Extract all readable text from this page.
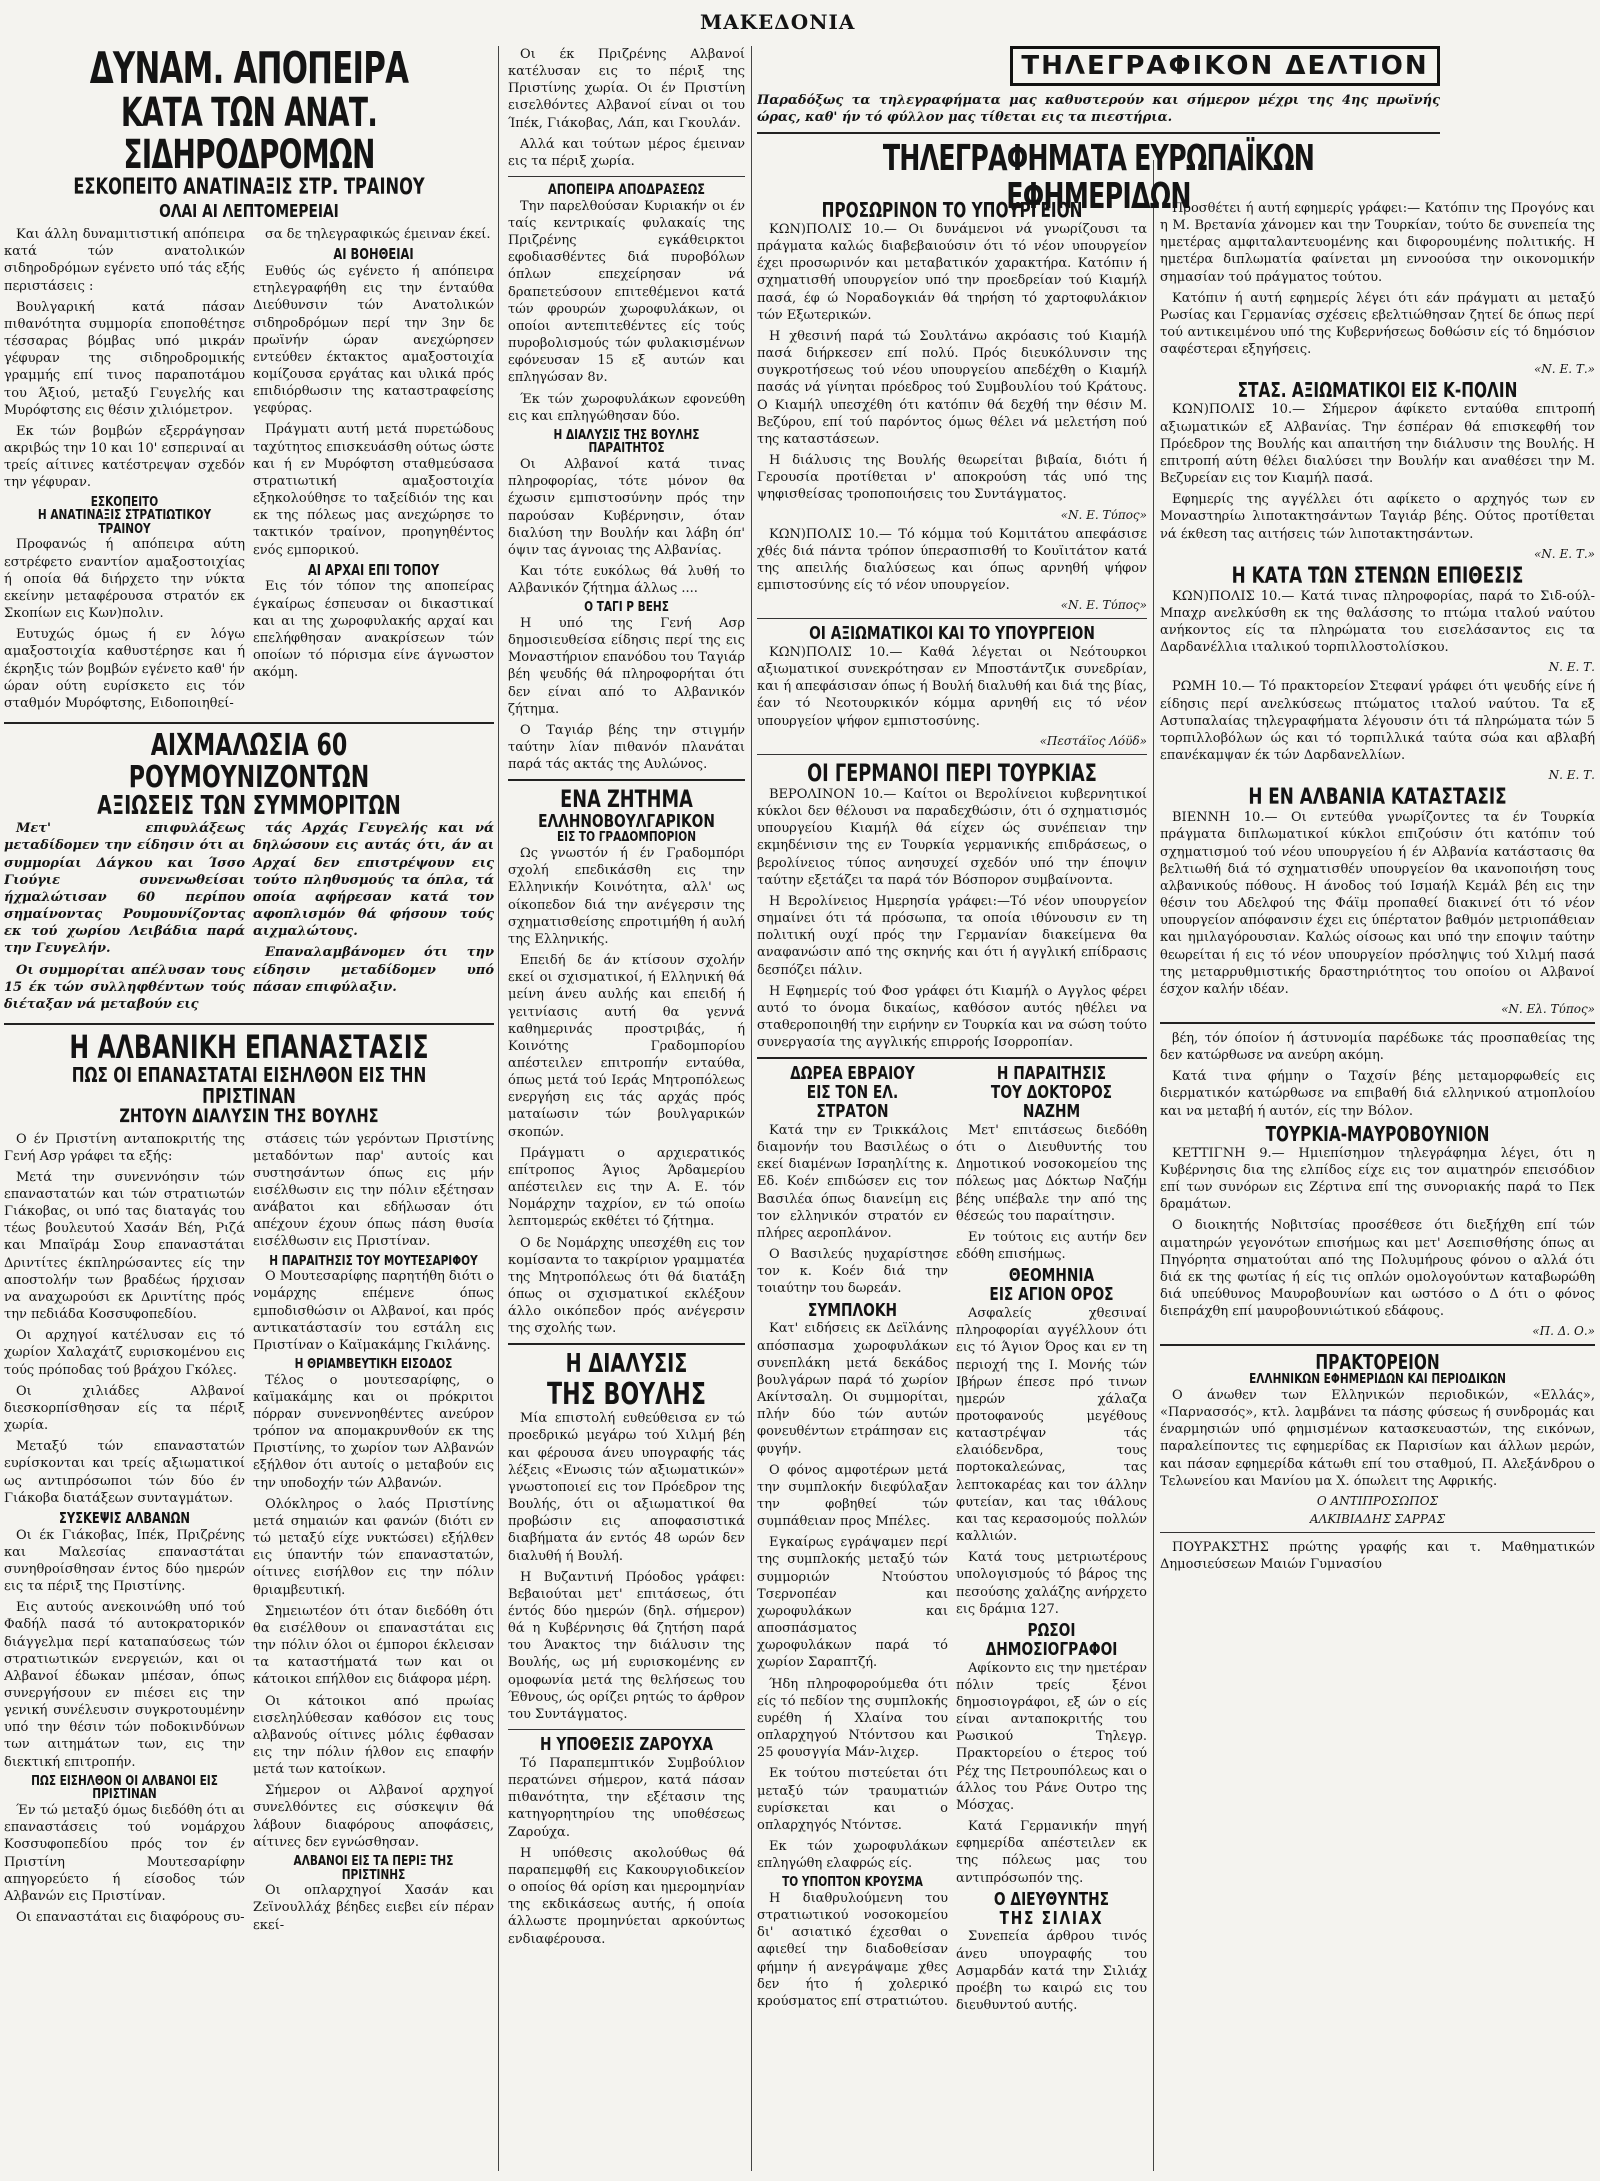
ΜΑΚΕΔΟΝΙΑ
ΔΥΝΑΜ. ΑΠΟΠΕΙΡΑ
ΚΑΤΑ ΤΩΝ ΑΝΑΤ. ΣΙΔΗΡΟΔΡΟΜΩΝ
ΕΣΚΟΠΕΙΤΟ ΑΝΑΤΙΝΑΞΙΣ ΣΤΡ. ΤΡΑΙΝΟΥ
ΟΛΑΙ ΑΙ ΛΕΠΤΟΜΕΡΕΙΑΙ

Και άλλη δυναμιτιστική απόπειρα κατά τών ανατολικών σιδηροδρόμων εγένετο υπό τάς εξής περιστάσεις :

Βουλγαρική κατά πάσαν πιθανότητα συμμορία εποποθέτησε τέσσαρας βόμβας υπό μικράν γέφυραν της σιδηροδρομικής γραμμής επί τινος παραποτάμου του Άξιού, μεταξύ Γευγελής και Μυρόφτσης εις θέσιν χιλιόμετρον.

Εκ τών βομβών εξερράγησαν ακριβώς την 10 και 10' εσπεριναί αι τρείς αίτινες κατέστρεψαν σχεδόν την γέφυραν.

ΕΣΚΟΠΕΙΤΟ
Η ΑΝΑΤΙΝΑΞΙΣ ΣΤΡΑΤΙΩΤΙΚΟΥ ΤΡΑΙΝΟΥ

Προφανώς ή απόπειρα αύτη εστρέφετο εναντίον αμαξοστοιχίας ή οποία θά διήρχετο την νύκτα εκείνην μεταφέρουσα στρατόν εκ Σκοπίων εις Κων)πολιν.

Ευτυχώς όμως ή εν λόγω αμαξοστοιχία καθυστέρησε και ή έκρηξις τών βομβών εγένετο καθ' ήν ώραν ούτη ευρίσκετο εις τόν σταθμόν Μυρόφτσης, Ειδοποιηθεί-

σα δε τηλεγραφικώς έμειναν έκεί.

ΑΙ ΒΟΗΘΕΙΑΙ

Ευθύς ώς εγένετο ή απόπειρα ετηλεγραφήθη εις την ένταύθα Διεύθυνσιν τών Ανατολικών σιδηροδρόμων περί την 3ην δε πρωϊνήν ώραν ανεχώρησεν εντεύθεν έκτακτος αμαξοστοιχία κομίζουσα εργάτας και υλικά πρός επιδιόρθωσιν της καταστραφείσης γεφύρας.

Πράγματι αυτή μετά πυρετώδους ταχύτητος επισκευάσθη ούτως ώστε και ή εν Μυρόφτση σταθμεύσασα στρατιωτική αμαξοστοιχία εξηκολούθησε το ταξείδιόν της και εκ της πόλεως μας ανεχώρησε το τακτικόν τραίνον, προηγηθέντος ενός εμπορικού.

ΑΙ ΑΡΧΑΙ ΕΠΙ ΤΟΠΟΥ

Εις τόν τόπον της αποπείρας έγκαίρως έσπευσαν οι δικαστικαί και αι της χωροφυλακής αρχαί και επελήφθησαν ανακρίσεων τών οποίων τό πόρισμα είνε άγνωστον ακόμη.

ΑΙΧΜΑΛΩΣΙΑ 60 ΡΟΥΜΟΥΝΙΖΟΝΤΩΝ
ΑΞΙΩΣΕΙΣ ΤΩΝ ΣΥΜΜΟΡΙΤΩΝ

Μετ' επιφυλάξεως μεταδίδομεν την είδησιν ότι αι συμμορίαι Δάγκου και Ίσσο Γιούγιε συνενωθείσαι ήχμαλώτισαν 60 περίπου σημαίνοντας Ρουμουνίζοντας εκ τού χωρίου Λειβάδια παρά την Γευγελήν.

Οι συμμορίται απέλυσαν τους 15 έκ τών συλληφθέντων τούς διέταξαν νά μεταβούν εις

τάς Αρχάς Γευγελής και νά δηλώσουν εις αυτάς ότι, άν αι Αρχαί δεν επιστρέψουν εις τούτο πληθυσμούς τα όπλα, τά οποία αφήρεσαν κατά τον αφοπλισμόν θά φήσουν τούς αιχμαλώτους.

Επαναλαμβάνομεν ότι την είδησιν μεταδίδομεν υπό πάσαν επιφύλαξιν.

Η ΑΛΒΑΝΙΚΗ ΕΠΑΝΑΣΤΑΣΙΣ
ΠΩΣ ΟΙ ΕΠΑΝΑΣΤΑΤΑΙ ΕΙΣΗΛΘΟΝ ΕΙΣ ΤΗΝ ΠΡΙΣΤΙΝΑΝ
ΖΗΤΟΥΝ ΔΙΑΛΥΣΙΝ ΤΗΣ ΒΟΥΛΗΣ

Ο έν Πριστίνη ανταποκριτής της Γενή Ασρ γράφει τα εξής:

Μετά την συνεννόησιν τών επαναστατών και τών στρατιωτών Γιάκοβας, οι υπό τας διαταγάς του τέως βουλευτού Χασάν Βέη, Ριζά και Μπαϊράμ Σουρ επαναστάται Δριντίτες έκπληρώσαντες είς την αποστολήν των βραδέως ήρχισαν να αναχωρούσι εκ Δριντίτης πρός την πεδιάδα Κοσσυφοπεδίου.

Οι αρχηγοί κατέλυσαν εις τό χωρίον Χαλαχάτζ ευρισκομένου εις τούς πρόποδας τού βράχου Γκόλες.

Οι χιλιάδες Αλβανοί διεσκορπίσθησαν είς τα πέριξ χωρία.

Μεταξύ τών επαναστατών ευρίσκονται και τρείς αξιωματικοί ως αντιπρόσωποι τών δύο έν Γιάκοβα διατάξεων συνταγμάτων.

ΣΥΣΚΕΨΙΣ ΑΛΒΑΝΩΝ

Οι έκ Γιάκοβας, Ιπέκ, Πριζρένης και Μαλεσίας επαναστάται συνηθροίσθησαν έντος δύο ημερών εις τα πέριξ της Πριστίνης.

Εις αυτούς ανεκοινώθη υπό τού Φαδήλ πασά τό αυτοκρατορικόν διάγγελμα περί καταπαύσεως τών στρατιωτικών ενεργειών, και οι Αλβανοί έδωκαν μπέσαν, όπως συνεργήσουν εν πιέσει εις την γενική συνέλευσιν συγκροτουμένην υπό την θέσιν τών ποδοκινδύνων των αιτημάτων των, εις την διεκτική επιτροπήν.

ΠΩΣ ΕΙΣΗΛΘΟΝ ΟΙ ΑΛΒΑΝΟΙ ΕΙΣ ΠΡΙΣΤΙΝΑΝ

Έν τώ μεταξύ όμως διεδόθη ότι αι επαναστάσεις τού νομάρχου Κοσσυφοπεδίου πρός τον έν Πριστίνη Μουτεσαρίφην απηγορεύετο ή είσοδος τών Αλβανών εις Πριστίναν.

Οι επαναστάται εις διαφόρους συ-

στάσεις τών γερόντων Πριστίνης μεταδόντων παρ' αυτοίς και συστησάντων όπως εις μήν εισέλθωσιν εις την πόλιν εξέτησαν ανάβατοι και εδήλωσαν ότι απέχουν έχουν όπως πάση θυσία εισέλθωσιν εις Πριστίναν.

Η ΠΑΡΑΙΤΗΣΙΣ ΤΟΥ ΜΟΥΤΕΣΑΡΙΦΟΥ

Ο Μουτεσαρίφης παρητήθη διότι ο νομάρχης επέμενε όπως εμποδισθώσιν οι Αλβανοί, και πρός αντικατάστασίν του εστάλη εις Πριστίναν ο Καϊμακάμης Γκιλάνης.

Η ΘΡΙΑΜΒΕΥΤΙΚΗ ΕΙΣΟΔΟΣ

Τέλος ο μουτεσαρίφης, ο καϊμακάμης και οι πρόκριτοι πόρραν συνεννοηθέντες ανεύρον τρόπον να απομακρυνθούν εκ της Πριστίνης, το χωρίον των Αλβανών εξήλθον ότι αυτοίς ο μεταβούν εις την υποδοχήν τών Αλβανών.

Ολόκληρος ο λαός Πριστίνης μετά σημαιών και φανών (διότι εν τώ μεταξύ είχε νυκτώσει) εξήλθεν εις ύπαντήν τών επαναστατών, οίτινες εισήλθον εις την πόλιν θριαμβευτική.

Σημειωτέον ότι όταν διεδόθη ότι θα εισέλθουν οι επαναστάται εις την πόλιν όλοι οι έμποροι έκλεισαν τα καταστήματά των και οι κάτοικοι επήλθον εις διάφορα μέρη.

Οι κάτοικοι από πρωίας εισεληλύθεσαν καθόσον εις τους αλβανούς οίτινες μόλις έφθασαν εις την πόλιν ήλθον εις επαφήν μετά των κατοίκων.

Σήμερον οι Αλβανοί αρχηγοί συνελθόντες εις σύσκεψιν θά λάβουν διαφόρους αποφάσεις, αίτινες δεν εγνώσθησαν.

ΑΛΒΑΝΟΙ ΕΙΣ ΤΑ ΠΕΡΙΞ ΤΗΣ ΠΡΙΣΤΙΝΗΣ

Οι οπλαρχηγοί Χασάν και Ζεϊνουλλάχ βέηδες ειεβει είν πέραν εκεί-

Οι έκ Πριζρένης Αλβανοί κατέλυσαν εις το πέριξ της Πριστίνης χωρία. Οι έν Πριστίνη εισελθόντες Αλβανοί είναι οι του Ίπέκ, Γιάκοβας, Λάπ, και Γκουλάν.

Αλλά και τούτων μέρος έμειναν εις τα πέριξ χωρία.

ΑΠΟΠΕΙΡΑ ΑΠΟΔΡΑΣΕΩΣ

Την παρελθούσαν Κυριακήν οι έν ταίς κεντρικαίς φυλακαίς της Πριζρένης εγκάθειρκτοι εφοδιασθέντες διά πυροβόλων όπλων επεχείρησαν νά δραπετεύσουν επιτεθέμενοι κατά τών φρουρών χωροφυλάκων, οι οποίοι αντεπιτεθέντες είς τούς πυροβολισμούς τών φυλακισμένων εφόνευσαν 15 εξ αυτών και επληγώσαν 8ν.

Έκ τών χωροφυλάκων εφονεύθη εις και επληγώθησαν δύο.

Η ΔΙΑΛΥΣΙΣ ΤΗΣ ΒΟΥΛΗΣ ΠΑΡΑΙΤΗΤΟΣ

Οι Αλβανοί κατά τινας πληροφορίας, τότε μόνον θα έχωσιν εμπιστοσύνην πρός την παρούσαν Κυβέρνησιν, όταν διαλύση την Βουλήν και λάβη όπ' όψιν τας άγνοιας της Αλβανίας.

Και τότε ευκόλως θά λυθή το Αλβανικόν ζήτημα άλλως ....

Ο ΤΑΓΙ Ρ ΒΕΗΣ

Η υπό της Γενή Ασρ δημοσιευθείσα είδησις περί της εις Μοναστήριον επανόδου του Ταγιάρ βέη ψευδής θά πληροφορήται ότι δεν είναι από το Αλβανικόν ζήτημα.

Ο Ταγιάρ βέης την στιγμήν ταύτην λίαν πιθανόν πλανάται παρά τάς ακτάς της Αυλώνος.

ΕΝΑ ΖΗΤΗΜΑ
ΕΛΛΗΝΟΒΟΥΛΓΑΡΙΚΟΝ
ΕΙΣ ΤΟ ΓΡΑΔΟΜΠΟΡΙΟΝ

Ως γνωστόν ή έν Γραδομπόρι σχολή επεδικάσθη εις την Ελληνικήν Κοινότητα, αλλ' ως οίκοπεδον διά την ανέγερσιν της σχηματισθείσης επροτιμήθη ή αυλή της Ελληνικής.

Επειδή δε άν κτίσουν σχολήν εκεί οι σχισματικοί, ή Ελληνική θά μείνη άνευ αυλής και επειδή ή γειτνίασις αυτή θα γεννά καθημερινάς προστριβάς, ή Κοινότης Γραδομπορίου απέστειλεν επιτροπήν ενταύθα, όπως μετά τού Ιεράς Μητροπόλεως ενεργήση εις τάς αρχάς πρός ματαίωσιν τών βουλγαρικών σκοπών.

Πράγματι ο αρχιερατικός επίτροπος Άγιος Άρδαμερίου απέστειλεν εις την Α. Ε. τόν Νομάρχην ταχρίον, εν τώ οποίω λεπτομερώς εκθέτει τό ζήτημα.

Ο δε Νομάρχης υπεσχέθη εις τον κομίσαντα το τακρίριον γραμματέα της Μητροπόλεως ότι θά διατάξη όπως οι σχισματικοί εκλέξουν άλλο οικόπεδον πρός ανέγερσιν της σχολής των.

Η ΔΙΑΛΥΣΙΣ
ΤΗΣ ΒΟΥΛΗΣ

Μία επιστολή ευθεύθεισα εν τώ προεδρικώ μεγάρω τού Χιλμή βέη και φέρουσα άνευ υπογραφής τάς λέξεις «Ενωσις τών αξιωματικών» γνωστοποιεί εις τον Πρόεδρον της Βουλής, ότι οι αξιωματικοί θα προβώσιν εις αποφασιστικά διαβήματα άν εντός 48 ωρών δεν διαλυθή ή Βουλή.

Η Βυζαντινή Πρόοδος γράφει: Βεβαιούται μετ' επιτάσεως, ότι έντός δύο ημερών (δηλ. σήμερον) θά η Κυβέρνησις θά ζητήση παρά του Άνακτος την διάλυσιν της Βουλής, ως μή ευρισκομένης εν ομοφωνία μετά της θελήσεως του Έθνους, ώς ορίζει ρητώς το άρθρον του Συντάγματος.

Η ΥΠΟΘΕΣΙΣ ΖΑΡΟΥΧΑ

Τό Παραπεμπτικόν Συμβούλιον περατώνει σήμερον, κατά πάσαν πιθανότητα, την εξέτασιν της κατηγορητηρίου της υποθέσεως Ζαρούχα.

Η υπόθεσις ακολούθως θά παραπεμφθή εις Κακουργιοδικείον ο οποίος θά ορίση και ημερομηνίαν της εκδικάσεως αυτής, ή οποία άλλωστε προμηνύεται αρκούντως ενδιαφέρουσα.

ΤΗΛΕΓΡΑΦΙΚΟΝ ΔΕΛΤΙΟΝ

Παραδόξως τα τηλεγραφήματα μας καθυστερούν και σήμερον μέχρι της 4ης πρωϊνής ώρας, καθ' ήν τό φύλλον μας τίθεται εις τα πιεστήρια.

ΤΗΛΕΓΡΑΦΗΜΑΤΑ ΕΥΡΩΠΑΪΚΩΝ ΕΦΗΜΕΡΙΔΩΝ
ΠΡΟΣΩΡΙΝΟΝ ΤΟ ΥΠΟΥΡΓΕΙΟΝ

ΚΩΝ)ΠΟΛΙΣ 10.— Οι δυνάμενοι νά γνωρίζουσι τα πράγματα καλώς διαβεβαιούσιν ότι τό νέον υπουργείον έχει προσωρινόν και μεταβατικόν χαρακτήρα. Κατόπιν ή σχηματισθή υπουργείον υπό την προεδρείαν τού Κιαμήλ πασά, έφ ώ Νοραδογκιάν θά τηρήση τό χαρτοφυλάκιον τών Εξωτερικών.

Η χθεσινή παρά τώ Σουλτάνω ακρόασις τού Κιαμήλ πασά διήρκεσεν επί πολύ. Πρός διευκόλυνσιν της συγκροτήσεως τού νέου υπουργείου απεδέχθη ο Κιαμήλ πασάς νά γίνηται πρόεδρος τού Συμβουλίου τού Κράτους. Ο Κιαμήλ υπεσχέθη ότι κατόπιν θά δεχθή την θέσιν Μ. Βεζύρου, επί τού παρόντος όμως θέλει νά μελετήση πού της καταστάσεων.

Η διάλυσις της Βουλής θεωρείται βιβαία, διότι ή Γερουσία προτίθεται ν' αποκρούση τάς υπό της ψηφισθείσας τροποποιήσεις του Συντάγματος.

«Ν. Ε. Τύπος»

ΚΩΝ)ΠΟΛΙΣ 10.— Τό κόμμα τού Κομιτάτου απεφάσισε χθές διά πάντα τρόπον ύπερασπισθή το Κουϊιτάτον κατά της απειλής διαλύσεως και όπως αρνηθή ψήφον εμπιστοσύνης είς τό νέον υπουργείον.

«Ν. Ε. Τύπος»
ΟΙ ΑΞΙΩΜΑΤΙΚΟΙ ΚΑΙ ΤΟ ΥΠΟΥΡΓΕΙΟΝ

ΚΩΝ)ΠΟΛΙΣ 10.— Καθά λέγεται οι Νεότουρκοι αξιωματικοί συνεκρότησαν εν Μποστάντζικ συνεδρίαν, και ή απεφάσισαν όπως ή Βουλή διαλυθή και διά της βίας, έαν τό Νεοτουρκικόν κόμμα αρνηθή εις τό νέον υπουργείον ψήφον εμπιστοσύνης.

«Πεστάϊος Λόϋδ»
ΟΙ ΓΕΡΜΑΝΟΙ ΠΕΡΙ ΤΟΥΡΚΙΑΣ

ΒΕΡΟΛΙΝΟΝ 10.— Καίτοι οι Βερολίνειοι κυβερνητικοί κύκλοι δεν θέλουσι να παραδεχθώσιν, ότι ό σχηματισμός υπουργείου Κιαμήλ θά είχεν ώς συνέπειαν την εκμηδένισιν της εν Τουρκία γερμανικής επιδράσεως, ο βερολίνειος τύπος ανησυχεί σχεδόν υπό την έποψιν ταύτην εξετάζει τα παρά τόν Βόσπορον συμβαίνοντα.

Η Βερολίνειος Ημερησία γράφει:—Τό νέον υπουργείον σημαίνει ότι τά πρόσωπα, τα οποία ιθύνουσιν εν τη πολιτική ουχί πρός την Γερμανίαν διακείμενα θα αναφανώσιν από της σκηνής και ότι ή αγγλική επίδρασις δεσπόζει πάλιν.

Η Εφημερίς τού Φοσ γράφει ότι Κιαμήλ ο Αγγλος φέρει αυτό το όνομα δικαίως, καθόσον αυτός ηθέλει να σταθεροποιηθή την ειρήνην εν Τουρκία και να σώση τούτο συνεργασία της αγγλικής επιρροής Ισορροπίαν.

ΔΩΡΕΑ ΕΒΡΑΙΟΥ
ΕΙΣ ΤΟΝ ΕΛ. ΣΤΡΑΤΟΝ

Κατά την εν Τρικκάλοις διαμονήν του Βασιλέως ο εκεί διαμένων Ισραηλίτης κ. Εδ. Κοέν επιδώσεν εις τον Βασιλέα όπως διανείμη εις τον ελληνικόν στρατόν εν πλήρες αεροπλάνον.

Ο Βασιλεύς ηυχαρίστησε τον κ. Κοέν διά την τοιαύτην του δωρεάν.

ΣΥΜΠΛΟΚΗ

Κατ' ειδήσεις εκ Δεϊλάνης απόσπασμα χωροφυλάκων συνεπλάκη μετά δεκάδος βουλγάρων παρά τό χωρίον Ακίντσαλη. Οι συμμορίται, πλήν δύο τών αυτών φονευθέντων ετράπησαν εις φυγήν.

Ο φόνος αμφοτέρων μετά την συμπλοκήν διεφύλαξαν την φοβηθεί τών συμπάθειαν προς Μπέλες.

Εγκαίρως εγράψαμεν περί της συμπλοκής μεταξύ τών συμμοριών Ντούστου Τσερνοπέαν και χωροφυλάκων και αποσπάσματος χωροφυλάκων παρά τό χωρίον Σαραπτζή.

Ήδη πληροφορούμεθα ότι είς τό πεδίον της συμπλοκής ευρέθη ή Χλαίνα του οπλαρχηγού Ντόντσου και 25 φουσγγία Μάν-λιχερ.

Εκ τούτου πιστεύεται ότι μεταξύ τών τραυματιών ευρίσκεται και ο οπλαρχηγός Ντόντσε.

Εκ τών χωροφυλάκων επληγώθη ελαφρώς είς.

ΤΟ ΥΠΟΠΤΟΝ ΚΡΟΥΣΜΑ

Η διαθρυλούμενη του στρατιωτικού νοσοκομείου δι' ασιατικό έχεσθαι ο αφιεθεί την διαδοθείσαν φήμην ή ανεγράψαμε χθες δεν ήτο ή χολερικό κρούσματος επί στρατιώτου.

Η ΠΑΡΑΙΤΗΣΙΣ
ΤΟΥ ΔΟΚΤΟΡΟΣ ΝΑΖΗΜ

Μετ' επιτάσεως διεδόθη ότι ο Διευθυντής του Δημοτικού νοσοκομείου της πόλεως μας Δόκτωρ Ναζήμ βέης υπέβαλε την από της θέσεώς του παραίτησιν.

Εν τούτοις εις αυτήν δεν εδόθη επισήμως.

ΘΕΟΜΗΝΙΑ
ΕΙΣ ΑΓΙΟΝ ΟΡΟΣ

Ασφαλείς χθεσιναί πληροφορίαι αγγέλλουν ότι εις τό Άγιον Όρος και εν τη περιοχή της Ι. Μονής τών Ιβήρων έπεσε πρό τινων ημερών χάλαζα προτοφανούς μεγέθους καταστρέψαν τάς ελαιόδενδρα, τους πορτοκαλεώνας, τας λεπτοκαρέας και τον άλλην φυτείαν, και τας ιθάλους και τας κερασομούς πολλών καλλιών.

Κατά τους μετριωτέρους υπολογισμούς τό βάρος της πεσούσης χαλάζης ανήρχετο εις δράμια 127.

ΡΩΣΟΙ ΔΗΜΟΣΙΟΓΡΑΦΟΙ

Αφίκοντο εις την ημετέραν πόλιν τρείς ξένοι δημοσιογράφοι, εξ ών ο είς είναι ανταποκριτής του Ρωσικού Τηλεγρ. Πρακτορείου ο έτερος τού Ρέχ της Πετρουπόλεως και ο άλλος του Ράνε Ουτρο της Μόσχας.

Κατά Γερμανικήν πηγή εφημερίδα απέστειλεν εκ της πόλεως μας του αντιπρόσωπόν της.

Ο ΔΙΕΥΘΥΝΤΗΣ
ΤΗΣ ΣΙΛΙΑΧ

Συνεπεία άρθρου τινός άνευ υπογραφής του Ασμαρδάν κατά την Σιλιάχ προέβη τω καιρώ εις του διευθυντού αυτής.

Προσθέτει ή αυτή εφημερίς γράφει:— Κατόπιν της Προγόνς και η Μ. Βρετανία χάνομεν και την Τουρκίαν, τούτο δε συνεπεία της ημετέρας αμφιταλαντευομένης και διφορουμένης πολιτικής. Η ημετέρα διπλωματία φαίνεται μη εννοούσα την οικονομικήν σημασίαν τού πράγματος τούτου.

Κατόπιν ή αυτή εφημερίς λέγει ότι εάν πράγματι αι μεταξύ Ρωσίας και Γερμανίας σχέσεις εβελτιώθησαν ζητεί δε όπως περί τού αντικειμένου υπό της Κυβερνήσεως δοθώσιν είς τό δημόσιον σαφέστεραι εξηγήσεις.

«Ν. Ε. Τ.»
ΣΤΑΣ. ΑΞΙΩΜΑΤΙΚΟΙ ΕΙΣ Κ-ΠΟΛΙΝ

ΚΩΝ)ΠΟΛΙΣ 10.— Σήμερον άφίκετο ενταύθα επιτροπή αξιωματικών εξ Αλβανίας. Την έσπέραν θά επισκεφθή τον Πρόεδρον της Βουλής και απαιτήση την διάλυσιν της Βουλής. Η επιτροπή αύτη θέλει διαλύσει την Βουλήν και αναθέσει την Μ. Βεζυρείαν εις τον Κιαμήλ πασά.

Εφημερίς της αγγέλλει ότι αφίκετο ο αρχηγός των εν Μοναστηρίω λιποτακτησάντων Ταγιάρ βέης. Ούτος προτίθεται νά έκθεση τας αιτήσεις τών λιποτακτησάντων.

«Ν. Ε. Τ.»
Η ΚΑΤΑ ΤΩΝ ΣΤΕΝΩΝ ΕΠΙΘΕΣΙΣ

ΚΩΝ)ΠΟΛΙΣ 10.— Κατά τινας πληροφορίας, παρά το Σιδ-ούλ-Μπαχρ ανελκύσθη εκ της θαλάσσης το πτώμα ιταλού ναύτου ανήκοντος είς τα πληρώματα του εισελάσαντος εις τα Δαρδανέλλια ιταλικού τορπιλλοστολίσκου.

Ν. Ε. Τ.

ΡΩΜΗ 10.— Τό πρακτορείον Στεφανί γράφει ότι ψευδής είνε ή είδησις περί ανελκύσεως πτώματος ιταλού ναύτου. Τα εξ Αστυπαλαίας τηλεγραφήματα λέγουσιν ότι τά πληρώματα τών 5 τορπιλλοβόλων ώς και τό τορπιλλικά ταύτα σώα και αβλαβή επανέκαμψαν έκ τών Δαρδανελλίων.

Ν. Ε. Τ.
Η ΕΝ ΑΛΒΑΝΙΑ ΚΑΤΑΣΤΑΣΙΣ

ΒΙΕΝΝΗ 10.— Οι εντεύθα γνωρίζοντες τα έν Τουρκία πράγματα διπλωματικοί κύκλοι επιζούσιν ότι κατόπιν τού σχηματισμού τού νέου υπουργείου ή έν Αλβανία κατάστασις θα βελτιωθή διά τό σχηματισθέν υπουργείον θα ικανοποιήση τους αλβανικούς πόθους. Η άνοδος τού Ισμαήλ Κεμάλ βέη εις την θέσιν του Αδελφού της Φάϊμ προπαθεί διακινεί ότι τό νέον υπουργείον απόφανσιν έχει εις ύπέρτατον βαθμόν μετριοπάθειαν και ημιλαγόρουσιαν. Καλώς οίσοως και υπό την εποψιν ταύτην θεωρείται ή εις τό νέον υπουργείον πρόσληψις τού Χιλμή πασά της μεταρρυθμιστικής δραστηριότητος του οποίου οι Αλβανοί έσχον καλήν ιδέαν.

«Ν. Ελ. Τύπος»

βέη, τόν όποίον ή άστυνομία παρέδωκε τάς προσπαθείας της δεν κατώρθωσε να ανεύρη ακόμη.

Κατά τινα φήμην ο Ταχσίν βέης μεταμορφωθείς εις διερματικόν κατώρθωσε να επιβαθή διά ελληνικού ατμοπλοίου και να μεταβή ή αυτόν, είς την Βόλον.

ΤΟΥΡΚΙΑ-ΜΑΥΡΟΒΟΥΝΙΟΝ

ΚΕΤΤΙΓΝΗ 9.— Ημιεπίσημον τηλεγράφημα λέγει, ότι η Κυβέρνησις δια της ελπίδος είχε εις τον αιματηρόν επεισόδιον επί των συνόρων εις Ζέρτινα επί της συνοριακής παρά το Πεκ δραμάτων.

Ο διοικητής Νοβιτσίας προσέθεσε ότι διεξήχθη επί τών αιματηρών γεγονότων επισήμως και μετ' Ασεπισθήσης όπως αι Πηγόρητα σηματούται από της Πολυμήρους φόνου ο αλλά ότι διά εκ της φωτίας ή είς τις οπλών ομολογούντων καταβωρώθη διά υπεύθυνος Μαυροβουνίων και ωστόσο ο Δ ότι ο φόνος διεπράχθη επί μαυροβουνιώτικού εδάφους.

«Π. Δ. Ο.»
ΠΡΑΚΤΟΡΕΙΟΝ
ΕΛΛΗΝΙΚΩΝ ΕΦΗΜΕΡΙΔΩΝ ΚΑΙ ΠΕΡΙΟΔΙΚΩΝ

Ο άνωθεν των Ελληνικών περιοδικών, «Ελλάς», «Παρνασσός», κτλ. λαμβάνει τα πάσης φύσεως ή συνδρομάς και έναρμησιών υπό φημισμένων κατασκευαστών, της εικόνων, παραλείποντες τις εφημερίδας εκ Παρισίων και άλλων μερών, και πάσαν εφημερίδα κάτωθι επί του σταθμού, Π. Αλεξάνδρου ο Τελωνείου και Μανίου μα Χ. όπωλειτ της Αφρικής.

Ο ΑΝΤΙΠΡΟΣΩΠΟΣ
ΑΛΚΙΒΙΑΔΗΣ ΣΑΡΡΑΣ

ΠΟΥΡΑΚΣΤΗΣ πρώτης γραφής και τ. Μαθηματικών Δημοσιεύσεων Μαιών Γυμνασίου
